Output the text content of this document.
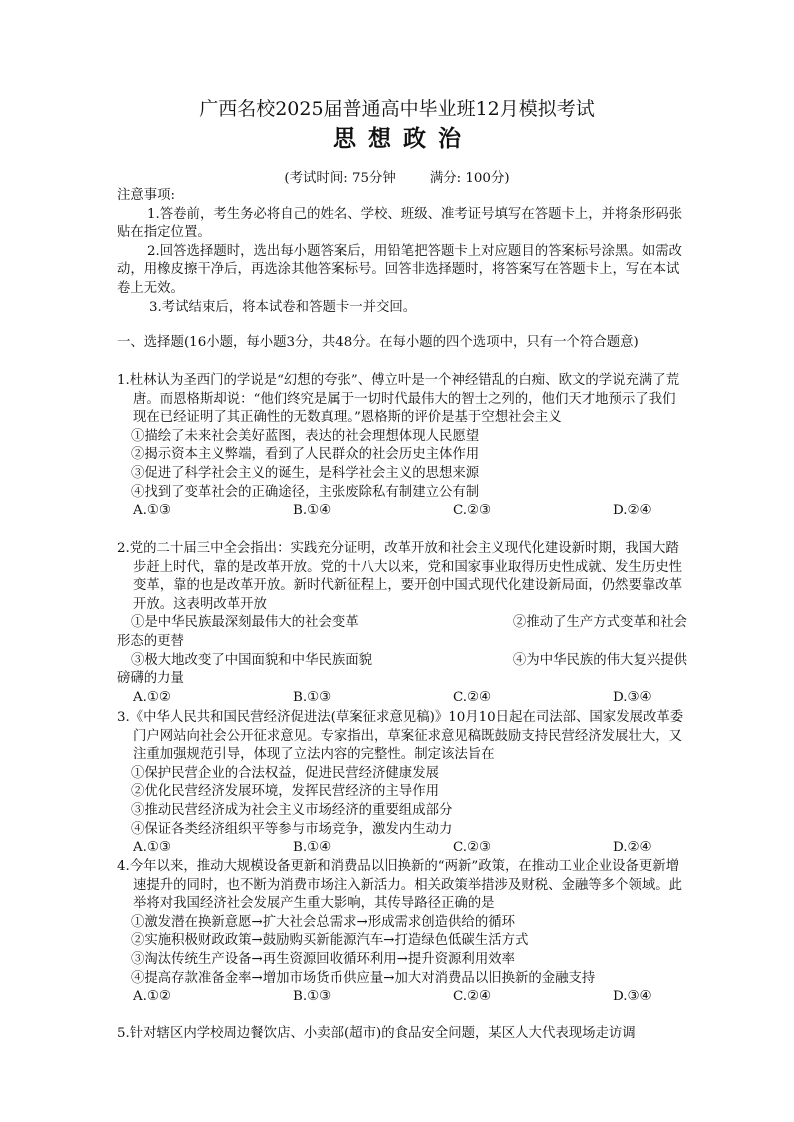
广西名校2025届普通高中毕业班12月模拟考试
思想政治
(考试时间: 75分钟        满分: 100分)

注意事项:

1.答卷前，考生务必将自己的姓名、学校、班级、准考证号填写在答题卡上，并将条形码张贴在指定位置。

2.回答选择题时，选出每小题答案后，用铅笔把答题卡上对应题目的答案标号涂黑。如需改动，用橡皮擦干净后，再选涂其他答案标号。回答非选择题时，将答案写在答题卡上，写在本试卷上无效。

3.考试结束后，将本试卷和答题卡一并交回。

一、选择题(16小题，每小题3分，共48分。在每小题的四个选项中，只有一个符合题意)

1.杜林认为圣西门的学说是“幻想的夸张”、傅立叶是一个神经错乱的白痴、欧文的学说充满了荒唐。而恩格斯却说：“他们终究是属于一切时代最伟大的智士之列的，他们天才地预示了我们现在已经证明了其正确性的无数真理。”恩格斯的评价是基于空想社会主义

①描绘了未来社会美好蓝图，表达的社会理想体现人民愿望

②揭示资本主义弊端，看到了人民群众的社会历史主体作用

③促进了科学社会主义的诞生，是科学社会主义的思想来源

④找到了变革社会的正确途径，主张废除私有制建立公有制

A.①③	B.①④	C.②③	D.②④

2.党的二十届三中全会指出：实践充分证明，改革开放和社会主义现代化建设新时期，我国大踏步赶上时代，靠的是改革开放。党的十八大以来，党和国家事业取得历史性成就、发生历史性变革，靠的也是改革开放。新时代新征程上，要开创中国式现代化建设新局面，仍然要靠改革开放。这表明改革开放

①是中华民族最深刻最伟大的社会变革	②推动了生产方式变革和社会

形态的更替

③极大地改变了中国面貌和中华民族面貌	④为中华民族的伟大复兴提供

磅礴的力量

A.①②	B.①③	C.②④	D.③④

3.《中华人民共和国民营经济促进法(草案征求意见稿)》10月10日起在司法部、国家发展改革委门户网站向社会公开征求意见。专家指出，草案征求意见稿既鼓励支持民营经济发展壮大，又注重加强规范引导，体现了立法内容的完整性。制定该法旨在

①保护民营企业的合法权益，促进民营经济健康发展

②优化民营经济发展环境，发挥民营经济的主导作用

③推动民营经济成为社会主义市场经济的重要组成部分

④保证各类经济组织平等参与市场竞争，激发内生动力

A.①③	B.①④	C.②③	D.②④

4.今年以来，推动大规模设备更新和消费品以旧换新的“两新”政策，在推动工业企业设备更新增速提升的同时，也不断为消费市场注入新活力。相关政策举措涉及财税、金融等多个领域。此举将对我国经济社会发展产生重大影响，其传导路径正确的是

①激发潜在换新意愿→扩大社会总需求→形成需求创造供给的循环

②实施积极财政政策→鼓励购买新能源汽车→打造绿色低碳生活方式

③淘汰传统生产设备→再生资源回收循环利用→提升资源利用效率

④提高存款准备金率→增加市场货币供应量→加大对消费品以旧换新的金融支持

A.①②	B.①③	C.②④	D.③④

5.针对辖区内学校周边餐饮店、小卖部(超市)的食品安全问题，某区人大代表现场走访调
